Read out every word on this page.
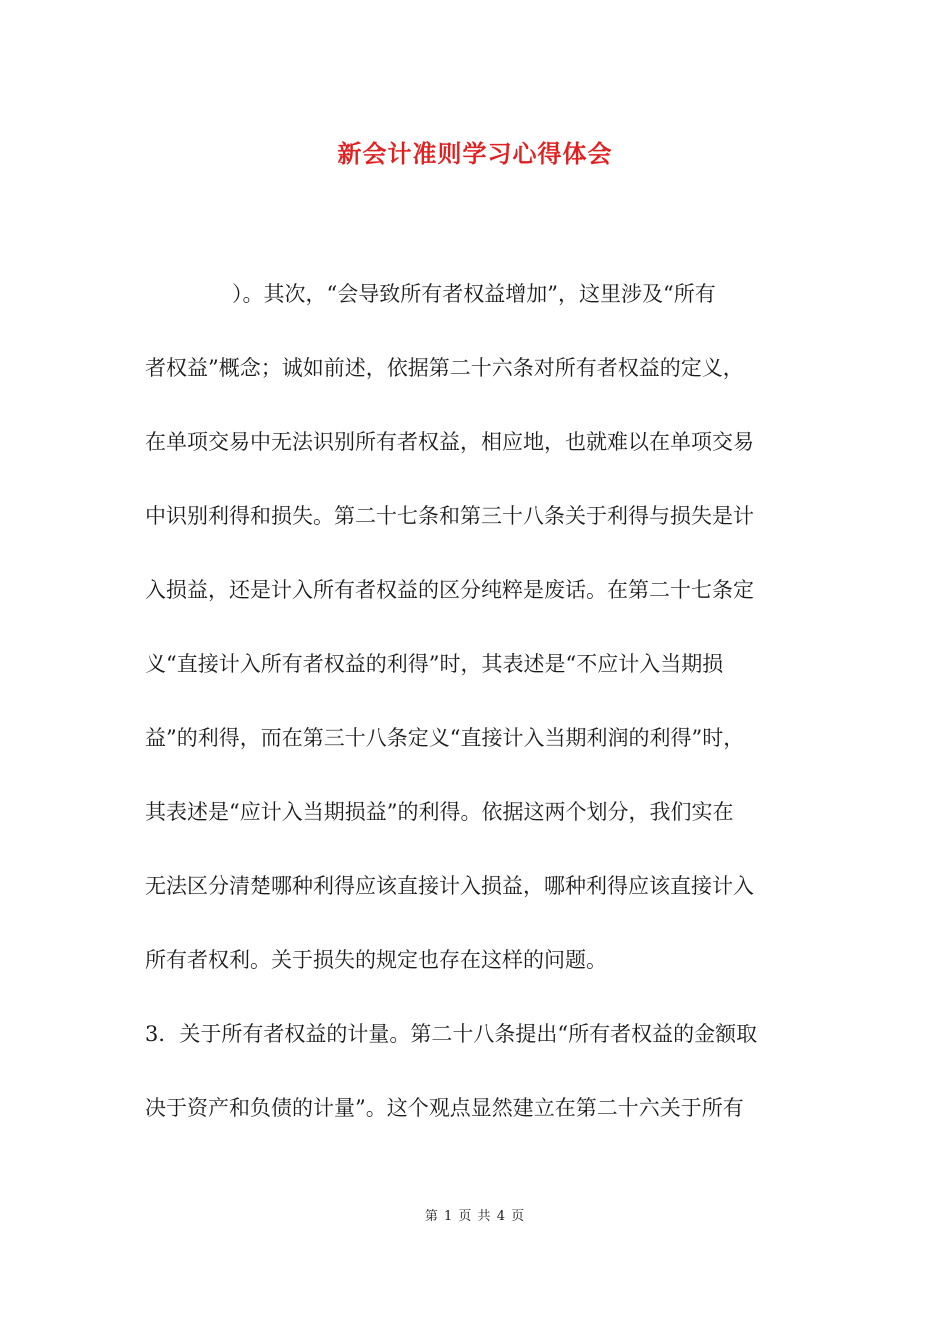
新会计准则学习心得体会

）。其次，“会导致所有者权益增加”，这里涉及“所有

者权益”概念；诚如前述，依据第二十六条对所有者权益的定义，

在单项交易中无法识别所有者权益，相应地，也就难以在单项交易

中识别利得和损失。第二十七条和第三十八条关于利得与损失是计

入损益，还是计入所有者权益的区分纯粹是废话。在第二十七条定

义“直接计入所有者权益的利得”时，其表述是“不应计入当期损

益”的利得，而在第三十八条定义“直接计入当期利润的利得”时，

其表述是“应计入当期损益”的利得。依据这两个划分，我们实在

无法区分清楚哪种利得应该直接计入损益，哪种利得应该直接计入

所有者权利。关于损失的规定也存在这样的问题。

3．关于所有者权益的计量。第二十八条提出“所有者权益的金额取

决于资产和负债的计量”。这个观点显然建立在第二十六关于所有

第 1 页 共 4 页
